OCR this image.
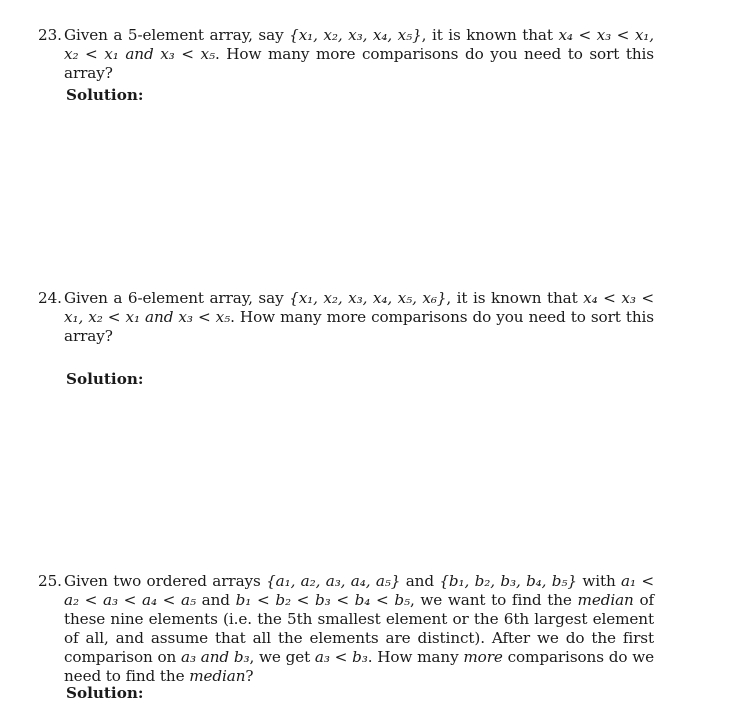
23. Given a 5-element array, say {x₁, x₂, x₃, x₄, x₅}, it is known that x₄ < x₃ < x₁, x₂ < x₁ and x₃ < x₅. How many more comparisons do you need to sort this array?

Solution:

24. Given a 6-element array, say {x₁, x₂, x₃, x₄, x₅, x₆}, it is known that x₄ < x₃ < x₁, x₂ < x₁ and x₃ < x₅. How many more comparisons do you need to sort this array?

Solution:

25. Given two ordered arrays {a₁, a₂, a₃, a₄, a₅} and {b₁, b₂, b₃, b₄, b₅} with a₁ < a₂ < a₃ < a₄ < a₅ and b₁ < b₂ < b₃ < b₄ < b₅, we want to find the median of these nine elements (i.e. the 5th smallest element or the 6th largest element of all, and assume that all the elements are distinct). After we do the first comparison on a₃ and b₃, we get a₃ < b₃. How many more comparisons do we need to find the median?

Solution:
